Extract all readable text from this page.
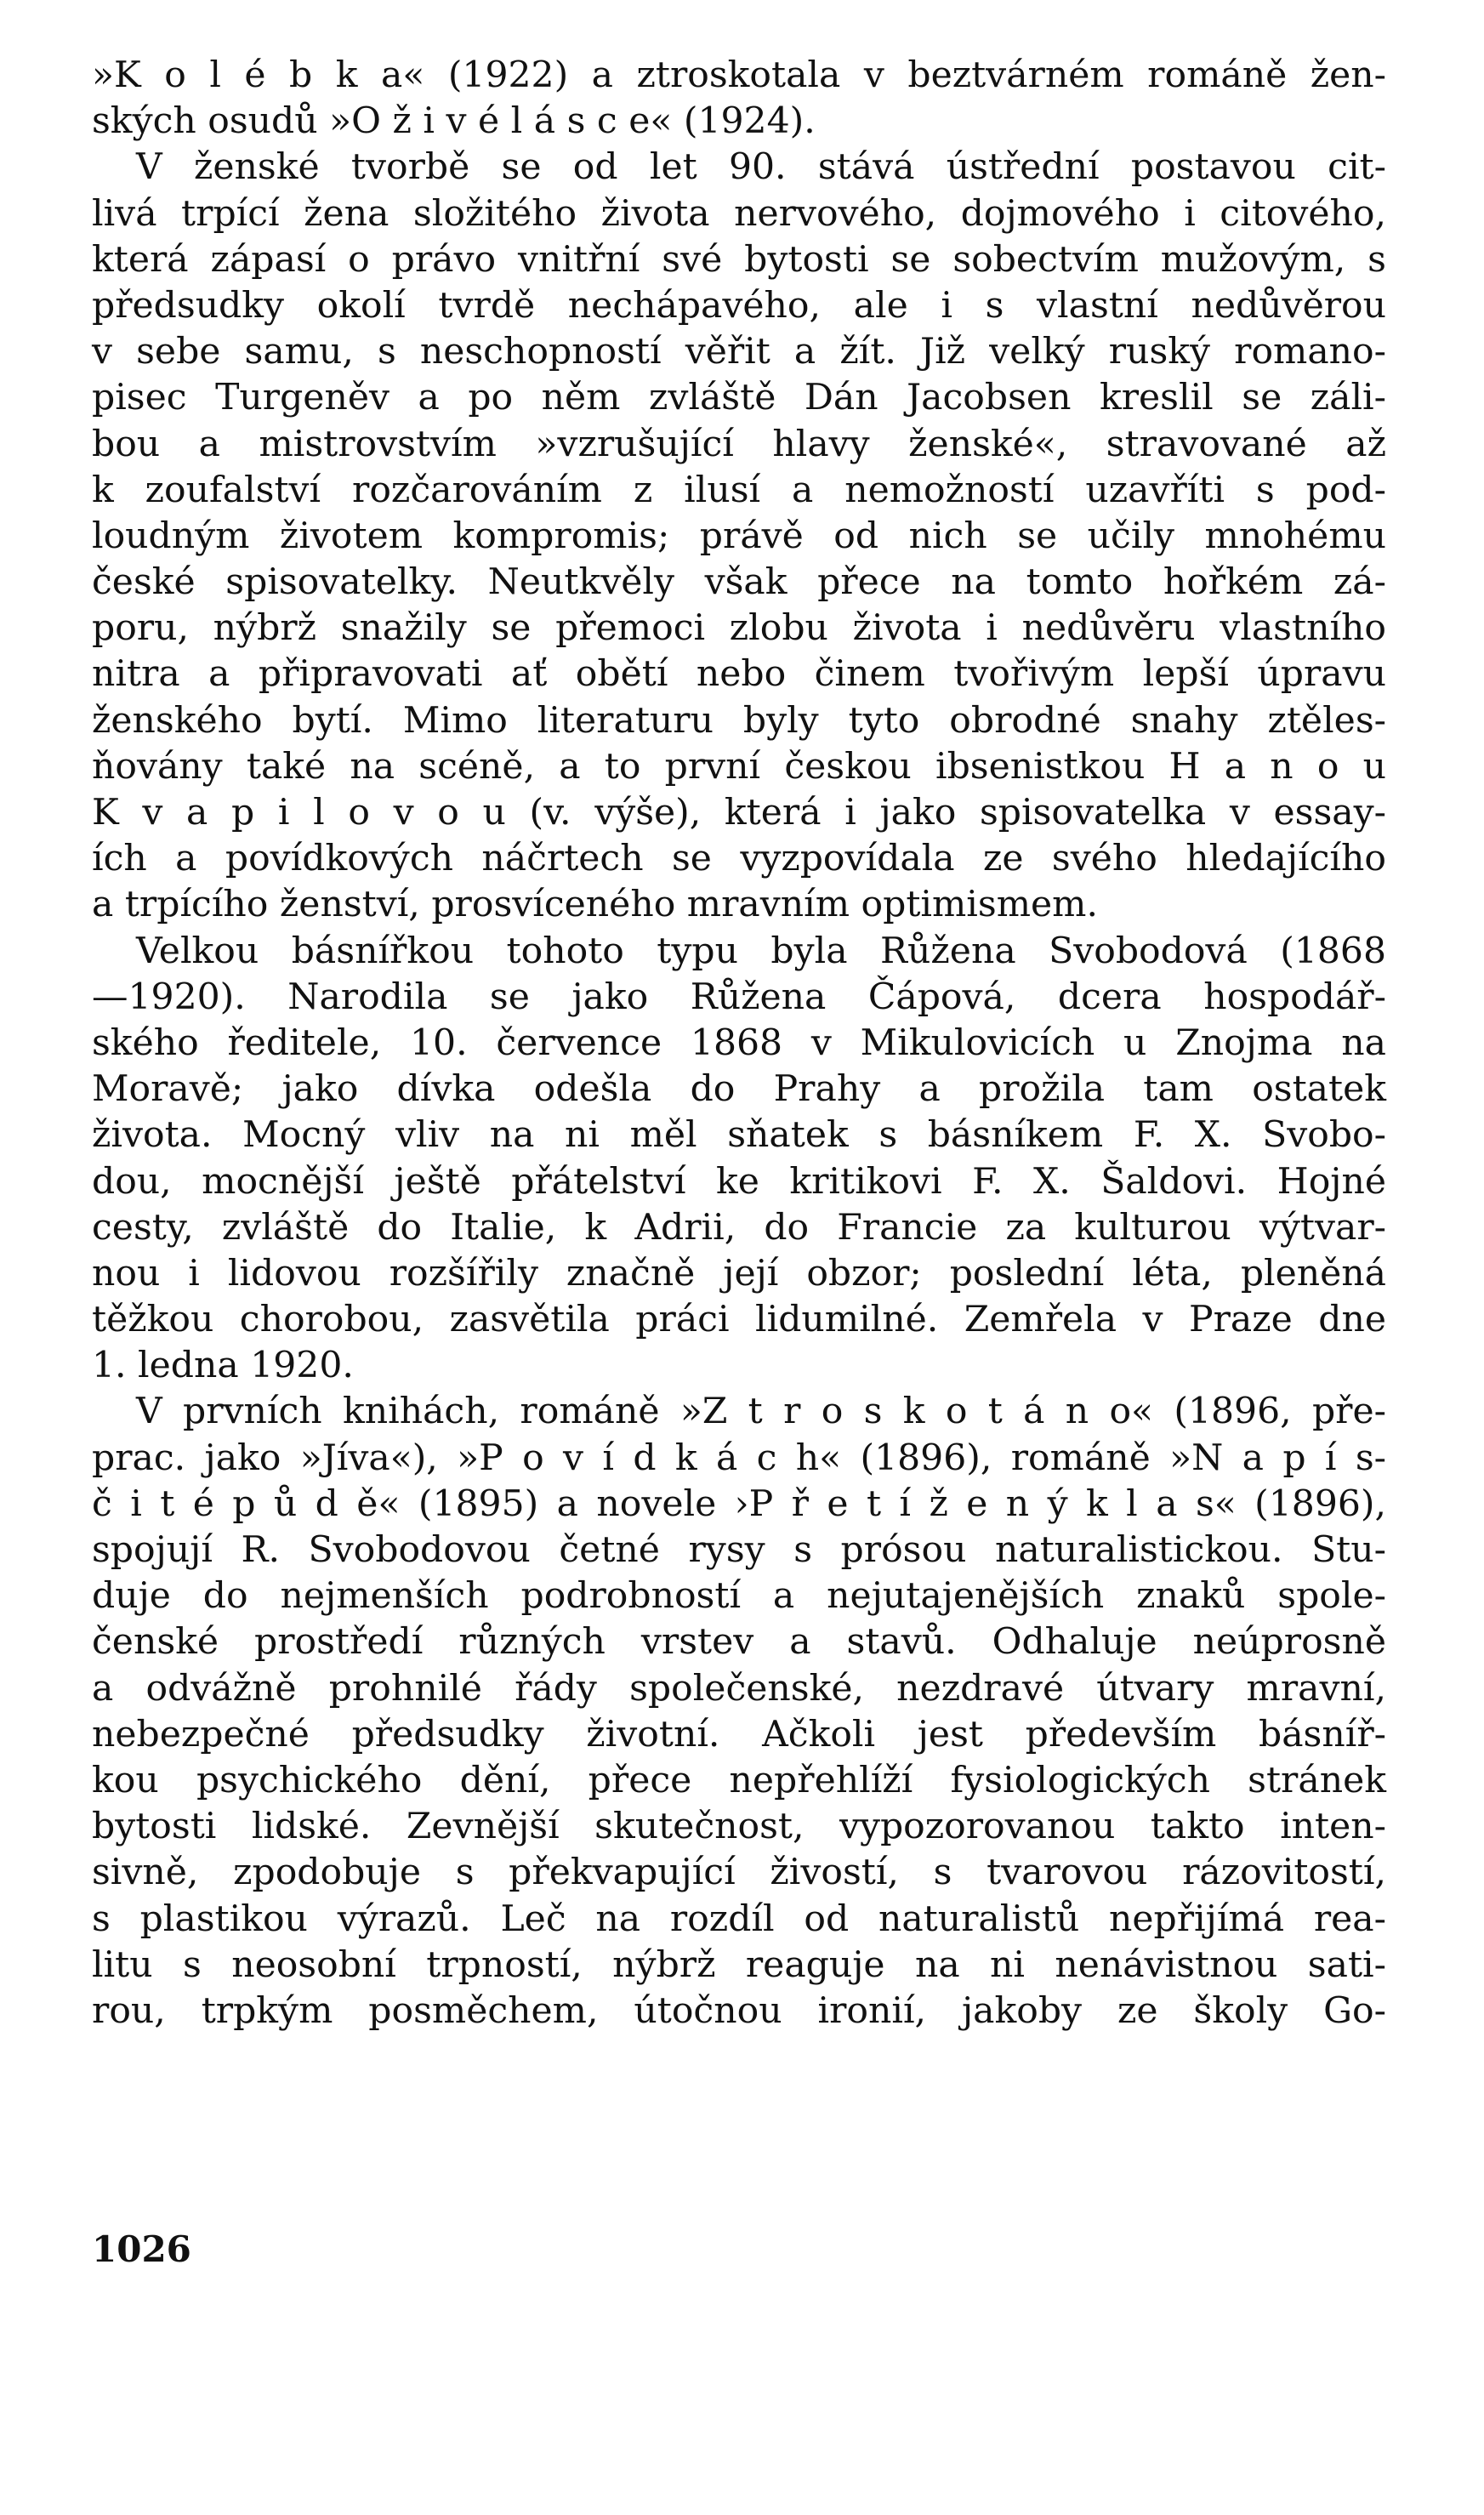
»K o l é b k a« (1922) a ztroskotala v beztvárném románě žen-
ských osudů »O ž i v é l á s c e« (1924).
V ženské tvorbě se od let 90. stává ústřední postavou cit-
livá trpící žena složitého života nervového, dojmového i citového,
která zápasí o právo vnitřní své bytosti se sobectvím mužovým, s
předsudky okolí tvrdě nechápavého, ale i s vlastní nedůvěrou
v sebe samu, s neschopností věřit a žít. Již velký ruský romano-
pisec Turgeněv a po něm zvláště Dán Jacobsen kreslil se záli-
bou a mistrovstvím »vzrušující hlavy ženské«, stravované až
k zoufalství rozčarováním z ilusí a nemožností uzavříti s pod-
loudným životem kompromis; právě od nich se učily mnohému
české spisovatelky. Neutkvěly však přece na tomto hořkém zá-
poru, nýbrž snažily se přemoci zlobu života i nedůvěru vlastního
nitra a připravovati ať obětí nebo činem tvořivým lepší úpravu
ženského bytí. Mimo literaturu byly tyto obrodné snahy ztěles-
ňovány také na scéně, a to první českou ibsenistkou H a n o u
K v a p i l o v o u (v. výše), která i jako spisovatelka v essay-
ích a povídkových náčrtech se vyzpovídala ze svého hledajícího
a trpícího ženství, prosvíceného mravním optimismem.
Velkou básnířkou tohoto typu byla Růžena Svobodová (1868
—1920). Narodila se jako Růžena Čápová, dcera hospodář-
ského ředitele, 10. července 1868 v Mikulovicích u Znojma na
Moravě; jako dívka odešla do Prahy a prožila tam ostatek
života. Mocný vliv na ni měl sňatek s básníkem F. X. Svobo-
dou, mocnější ještě přátelství ke kritikovi F. X. Šaldovi. Hojné
cesty, zvláště do Italie, k Adrii, do Francie za kulturou výtvar-
nou i lidovou rozšířily značně její obzor; poslední léta, pleněná
těžkou chorobou, zasvětila práci lidumilné. Zemřela v Praze dne
1. ledna 1920.
V prvních knihách, románě »Z t r o s k o t á n o« (1896, pře-
prac. jako »Jíva«), »P o v í d k á c h« (1896), románě »N a p í s-
č i t é p ů d ě« (1895) a novele ›P ř e t í ž e n ý k l a s« (1896),
spojují R. Svobodovou četné rysy s prósou naturalistickou. Stu-
duje do nejmenších podrobností a nejutajenějších znaků spole-
čenské prostředí různých vrstev a stavů. Odhaluje neúprosně
a odvážně prohnilé řády společenské, nezdravé útvary mravní,
nebezpečné předsudky životní. Ačkoli jest především básníř-
kou psychického dění, přece nepřehlíží fysiologických stránek
bytosti lidské. Zevnější skutečnost, vypozorovanou takto inten-
sivně, zpodobuje s překvapující živostí, s tvarovou rázovitostí,
s plastikou výrazů. Leč na rozdíl od naturalistů nepřijímá rea-
litu s neosobní trpností, nýbrž reaguje na ni nenávistnou sati-
rou, trpkým posměchem, útočnou ironií, jakoby ze školy Go-
1026
